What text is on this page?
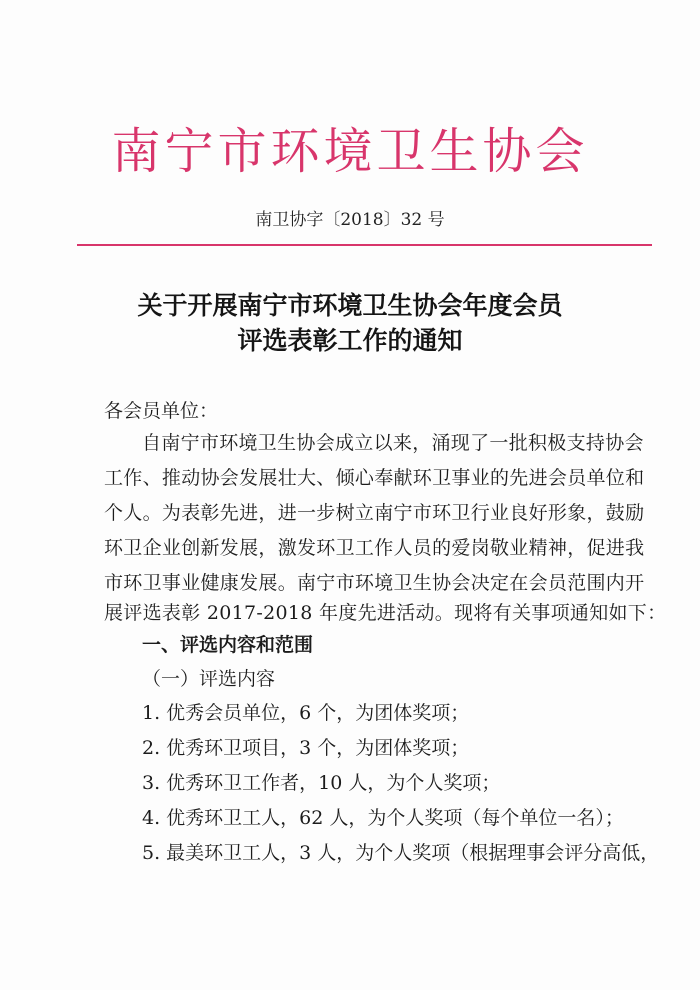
南宁市环境卫生协会
南卫协字〔2018〕32 号
关于开展南宁市环境卫生协会年度会员
评选表彰工作的通知
各会员单位：
自南宁市环境卫生协会成立以来，涌现了一批积极支持协会
工作、推动协会发展壮大、倾心奉献环卫事业的先进会员单位和
个人。为表彰先进，进一步树立南宁市环卫行业良好形象，鼓励
环卫企业创新发展，激发环卫工作人员的爱岗敬业精神，促进我
市环卫事业健康发展。南宁市环境卫生协会决定在会员范围内开
展评选表彰 2017-2018 年度先进活动。现将有关事项通知如下：
一、评选内容和范围
（一）评选内容
1. 优秀会员单位，6 个，为团体奖项；
2. 优秀环卫项目，3 个，为团体奖项；
3. 优秀环卫工作者，10 人，为个人奖项；
4. 优秀环卫工人，62 人，为个人奖项（每个单位一名）；
5. 最美环卫工人，3 人，为个人奖项（根据理事会评分高低，
